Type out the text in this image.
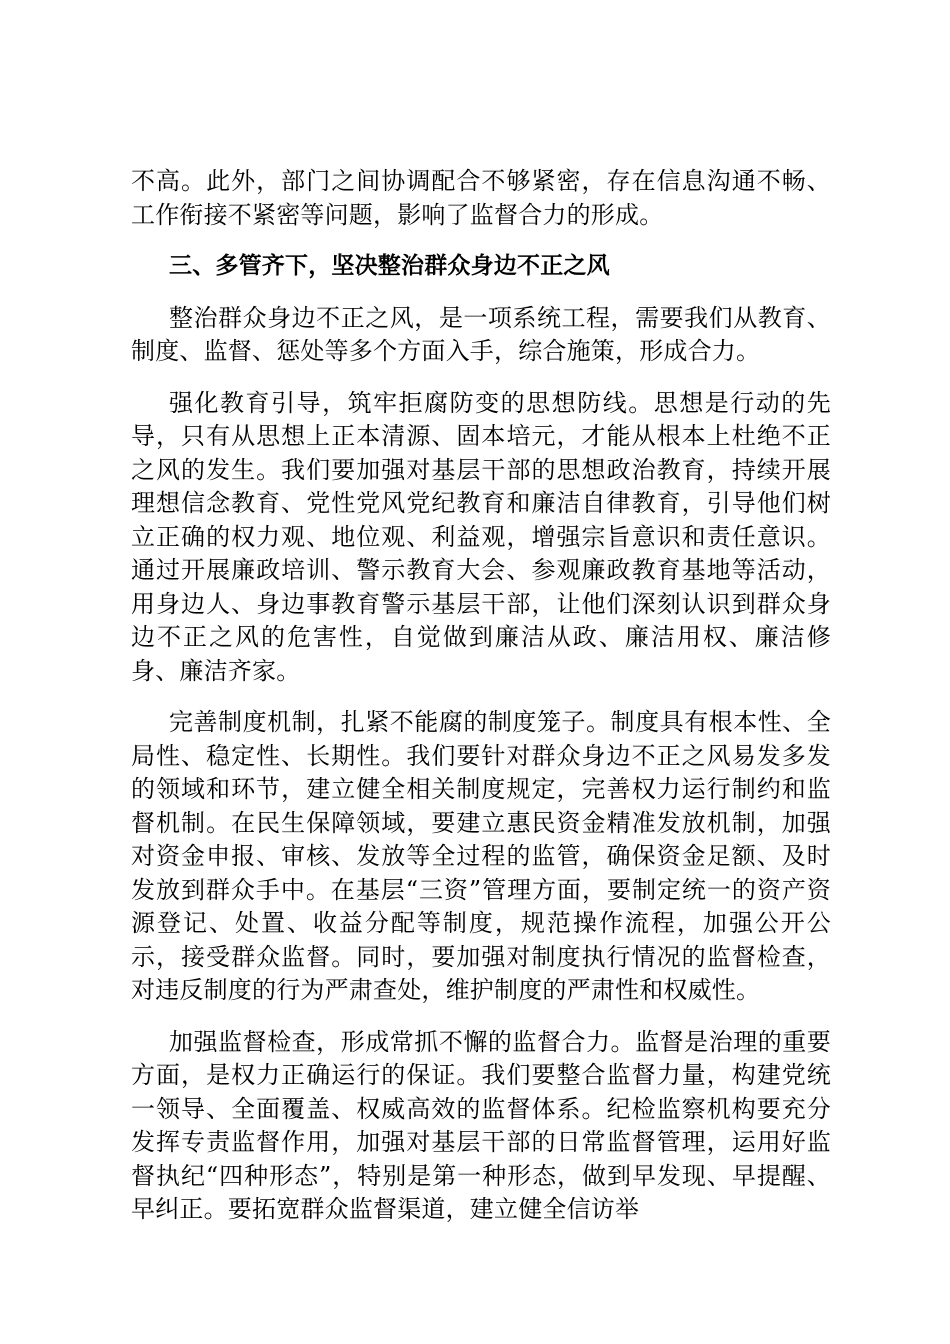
不高。此外，部门之间协调配合不够紧密，存在信息沟通不畅、工作衔接不紧密等问题，影响了监督合力的形成。

三、多管齐下，坚决整治群众身边不正之风

整治群众身边不正之风，是一项系统工程，需要我们从教育、制度、监督、惩处等多个方面入手，综合施策，形成合力。

强化教育引导，筑牢拒腐防变的思想防线。思想是行动的先导，只有从思想上正本清源、固本培元，才能从根本上杜绝不正之风的发生。我们要加强对基层干部的思想政治教育，持续开展理想信念教育、党性党风党纪教育和廉洁自律教育，引导他们树立正确的权力观、地位观、利益观，增强宗旨意识和责任意识。通过开展廉政培训、警示教育大会、参观廉政教育基地等活动，用身边人、身边事教育警示基层干部，让他们深刻认识到群众身边不正之风的危害性，自觉做到廉洁从政、廉洁用权、廉洁修身、廉洁齐家。

完善制度机制，扎紧不能腐的制度笼子。制度具有根本性、全局性、稳定性、长期性。我们要针对群众身边不正之风易发多发的领域和环节，建立健全相关制度规定，完善权力运行制约和监督机制。在民生保障领域，要建立惠民资金精准发放机制，加强对资金申报、审核、发放等全过程的监管，确保资金足额、及时发放到群众手中。在基层“三资”管理方面，要制定统一的资产资源登记、处置、收益分配等制度，规范操作流程，加强公开公示，接受群众监督。同时，要加强对制度执行情况的监督检查，对违反制度的行为严肃查处，维护制度的严肃性和权威性。

加强监督检查，形成常抓不懈的监督合力。监督是治理的重要方面，是权力正确运行的保证。我们要整合监督力量，构建党统一领导、全面覆盖、权威高效的监督体系。纪检监察机构要充分发挥专责监督作用，加强对基层干部的日常监督管理，运用好监督执纪“四种形态”，特别是第一种形态，做到早发现、早提醒、早纠正。要拓宽群众监督渠道，建立健全信访举
